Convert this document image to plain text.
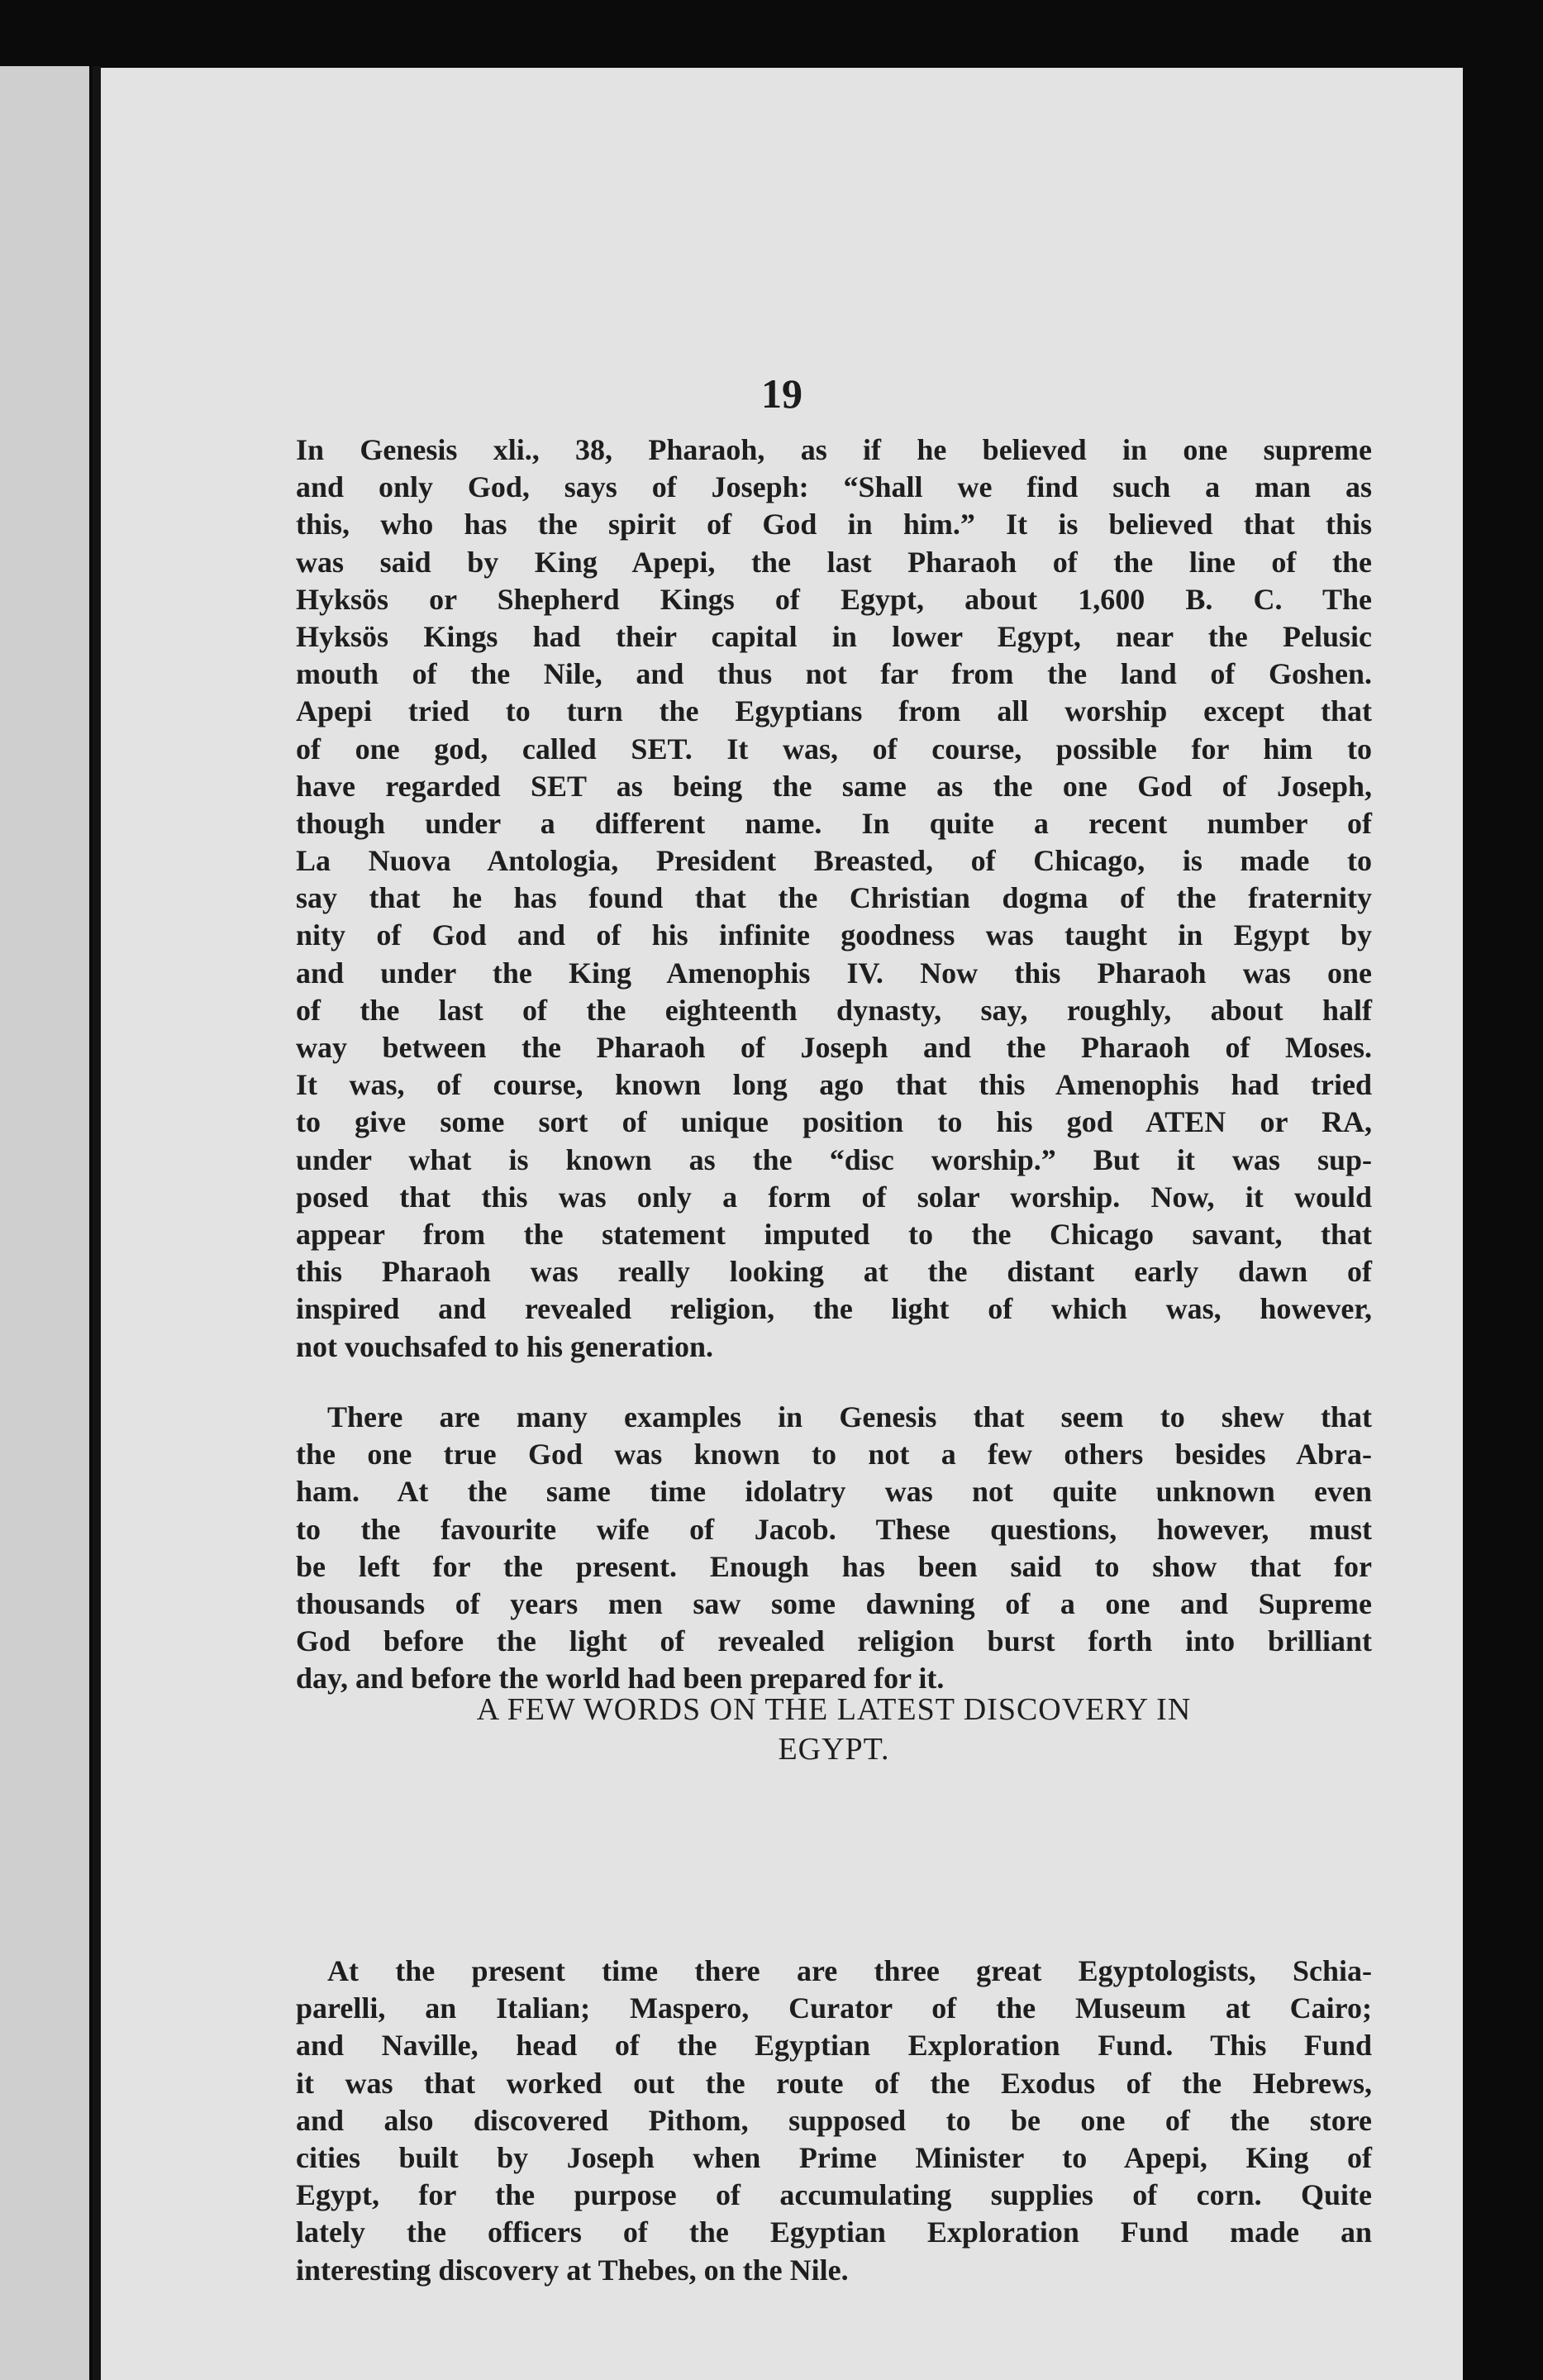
19

In Genesis xli., 38, Pharaoh, as if he believed in one supreme
and only God, says of Joseph: “Shall we find such a man as
this, who has the spirit of God in him.” It is believed that this
was said by King Apepi, the last Pharaoh of the line of the
Hyksös or Shepherd Kings of Egypt, about 1,600 B. C. The
Hyksös Kings had their capital in lower Egypt, near the Pelusic
mouth of the Nile, and thus not far from the land of Goshen.
Apepi tried to turn the Egyptians from all worship except that
of one god, called SET. It was, of course, possible for him to
have regarded SET as being the same as the one God of Joseph,
though under a different name. In quite a recent number of
La Nuova Antologia, President Breasted, of Chicago, is made to
say that he has found that the Christian dogma of the fraternity
nity of God and of his infinite goodness was taught in Egypt by
and under the King Amenophis IV. Now this Pharaoh was one
of the last of the eighteenth dynasty, say, roughly, about half
way between the Pharaoh of Joseph and the Pharaoh of Moses.
It was, of course, known long ago that this Amenophis had tried
to give some sort of unique position to his god ATEN or RA,
under what is known as the “disc worship.” But it was sup-
posed that this was only a form of solar worship. Now, it would
appear from the statement imputed to the Chicago savant, that
this Pharaoh was really looking at the distant early dawn of
inspired and revealed religion, the light of which was, however,
not vouchsafed to his generation.
There are many examples in Genesis that seem to shew that
the one true God was known to not a few others besides Abra-
ham. At the same time idolatry was not quite unknown even
to the favourite wife of Jacob. These questions, however, must
be left for the present. Enough has been said to show that for
thousands of years men saw some dawning of a one and Supreme
God before the light of revealed religion burst forth into brilliant
day, and before the world had been prepared for it.
A FEW WORDS ON THE LATEST DISCOVERY IN
EGYPT.
At the present time there are three great Egyptologists, Schia-
parelli, an Italian; Maspero, Curator of the Museum at Cairo;
and Naville, head of the Egyptian Exploration Fund. This Fund
it was that worked out the route of the Exodus of the Hebrews,
and also discovered Pithom, supposed to be one of the store
cities built by Joseph when Prime Minister to Apepi, King of
Egypt, for the purpose of accumulating supplies of corn. Quite
lately the officers of the Egyptian Exploration Fund made an
interesting discovery at Thebes, on the Nile.
